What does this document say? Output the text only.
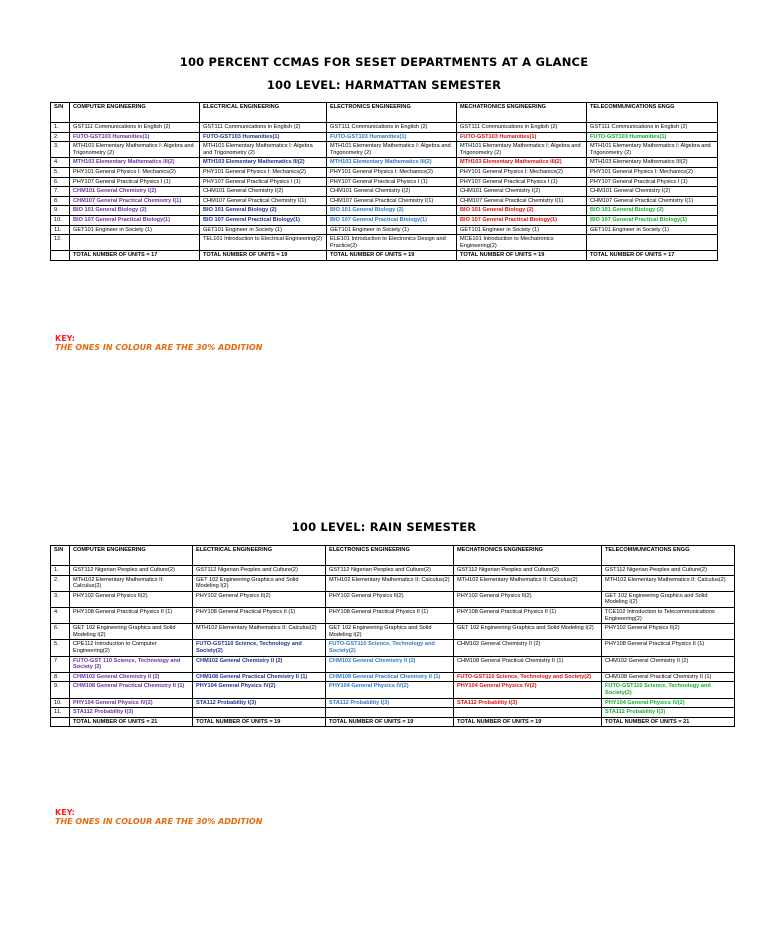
100 PERCENT CCMAS FOR SESET DEPARTMENTS AT A GLANCE
100 LEVEL: HARMATTAN SEMESTER
S/N	COMPUTER ENGINEERING	ELECTRICAL ENGINEERING	ELECTRONICS ENGINEERING	MECHATRONICS ENGINEERING	TELECOMMUNICATIONS ENGG
1.	GST111 Communications in English (2)	GST111 Communications in English (2)	GST111 Communications in English (2)	GST111 Communications in English (2)	GST111 Communications in English (2)
2.	FUTO-GST103 Humanities(1)	FUTO-GST103 Humanities(1)	FUTO-GST103 Humanities(1)	FUTO-GST103 Humanities(1)	FUTO-GST103 Humanities(1)
3.	MTH101 Elementary Mathematics I: Algebra and Trigonometry (2)	MTH101 Elementary Mathematics I: Algebra and Trigonometry (2)	MTH101 Elementary Mathematics I: Algebra and Trigonometry (2)	MTH101 Elementary Mathematics I: Algebra and Trigonometry (2)	MTH101 Elementary Mathematics I: Algebra and Trigonometry (2)
4.	MTH103 Elementary Mathematics III(2)	MTH103 Elementary Mathematics III(2)	MTH103 Elementary Mathematics III(2)	MTH103 Elementary Mathematics III(2)	MTH103 Elementary Mathematics III(2)
5.	PHY101 General Physics I: Mechanics(2)	PHY101 General Physics I: Mechanics(2)	PHY101 General Physics I: Mechanics(2)	PHY101 General Physics I: Mechanics(2)	PHY101 General Physics I: Mechanics(2)
6.	PHY107 General Practical Physics I (1)	PHY107 General Practical Physics I (1)	PHY107 General Practical Physics I (1)	PHY107 General Practical Physics I (1)	PHY107 General Practical Physics I (1)
7.	CHM101 General Chemistry I(2)	CHM101 General Chemistry I(2)	CHM101 General Chemistry I(2)	CHM101 General Chemistry I(2)	CHM101 General Chemistry I(2)
8.	CHM107 General Practical Chemistry I(1)	CHM107 General Practical Chemistry I(1)	CHM107 General Practical Chemistry I(1)	CHM107 General Practical Chemistry I(1)	CHM107 General Practical Chemistry I(1)
9.	BIO 101 General Biology (2)	BIO 101 General Biology (2)	BIO 101 General Biology (2)	BIO 101 General Biology (2)	BIO 101 General Biology (2)
10.	BIO 107 General Practical Biology(1)	BIO 107 General Practical Biology(1)	BIO 107 General Practical Biology(1)	BIO 107 General Practical Biology(1)	BIO 107 General Practical Biology(1)
11.	GET101 Engineer in Society (1)	GET101 Engineer in Society (1)	GET101 Engineer in Society (1)	GET101 Engineer in Society (1)	GET101 Engineer in Society (1)
12.		TEL101 Introduction to Electrical Engineering(2)	ELE101 Introduction to Electronics Design and Practice(2)	MCE101 Introduction to Mechatronics Engineering(2)	
	TOTAL NUMBER OF UNITS = 17	TOTAL NUMBER OF UNITS = 19	TOTAL NUMBER OF UNITS = 19	TOTAL NUMBER OF UNITS = 19	TOTAL NUMBER OF UNITS = 17
KEY:
THE ONES IN COLOUR ARE THE 30% ADDITION
100 LEVEL: RAIN SEMESTER
S/N	COMPUTER ENGINEERING	ELECTRICAL ENGINEERING	ELECTRONICS ENGINEERING	MECHATRONICS ENGINEERING	TELECOMMUNICATIONS ENGG
1.	GST112 Nigerian Peoples and Culture(2)	GST112 Nigerian Peoples and Culture(2)	GST112 Nigerian Peoples and Culture(2)	GST112 Nigerian Peoples and Culture(2)	GST112 Nigerian Peoples and Culture(2)
2.	MTH102 Elementary Mathematics II: Calculus(2)	GET 102 Engineering Graphics and Solid Modeling I(2)	MTH102 Elementary Mathematics II: Calculus(2)	MTH102 Elementary Mathematics II: Calculus(2)	MTH102 Elementary Mathematics II: Calculus(2)
3.	PHY102 General Physics II(2)	PHY102 General Physics II(2)	PHY102 General Physics II(2)	PHY102 General Physics II(2)	GET 102 Engineering Graphics and Solid Modeling I(2)
4.	PHY108 General Practical Physics II (1)	PHY108 General Practical Physics II (1)	PHY108 General Practical Physics II (1)	PHY108 General Practical Physics II (1)	TCE102 Introduction to Telecommunications Engineering(2)
6.	GET 102 Engineering Graphics and Solid Modeling I(2)	MTH102 Elementary Mathematics II: Calculus(2)	GET 102 Engineering Graphics and Solid Modeling I(2)	GET 102 Engineering Graphics and Solid Modeling I(2)	PHY102 General Physics II(2)
5.	CPE112 Introduction to Computer Engineering(2)	FUTO-GST110 Science, Technology and Society(2)	FUTO-GST110 Science, Technology and Society(2)	CHM102 General Chemistry II (2)	PHY108 General Practical Physics II (1)
7	FUTO-GST 110 Science, Technology and Society (2)	CHM102 General Chemistry II (2)	CHM102 General Chemistry II (2)	CHM108 General Practical Chemistry II (1)	CHM102 General Chemistry II (2)
8.	CHM102 General Chemistry II (2)	CHM108 General Practical Chemistry II (1)	CHM108 General Practical Chemistry II (1)	FUTO-GST110 Science, Technology and Society(2)	CHM108 General Practical Chemistry II (1)
9.	CHM108 General Practical Chemistry II (1)	PHY104 General Physics IV(2)	PHY104 General Physics IV(2)	PHY104 General Physics IV(2)	FUTO-GST110 Science, Technology and Society(2)
10.	PHY104 General Physics IV(2)	STA112 Probability I(3)	STA112 Probability I(3)	STA112 Probability I(3)	PHY104 General Physics IV(2)
11.	STA112 Probability I(3)				STA112 Probability I(3)
	TOTAL NUMBER OF UNITS = 21	TOTAL NUMBER OF UNITS = 19	TOTAL NUMBER OF UNITS = 19	TOTAL NUMBER OF UNITS = 19	TOTAL NUMBER OF UNITS = 21
KEY:
THE ONES IN COLOUR ARE THE 30% ADDITION
